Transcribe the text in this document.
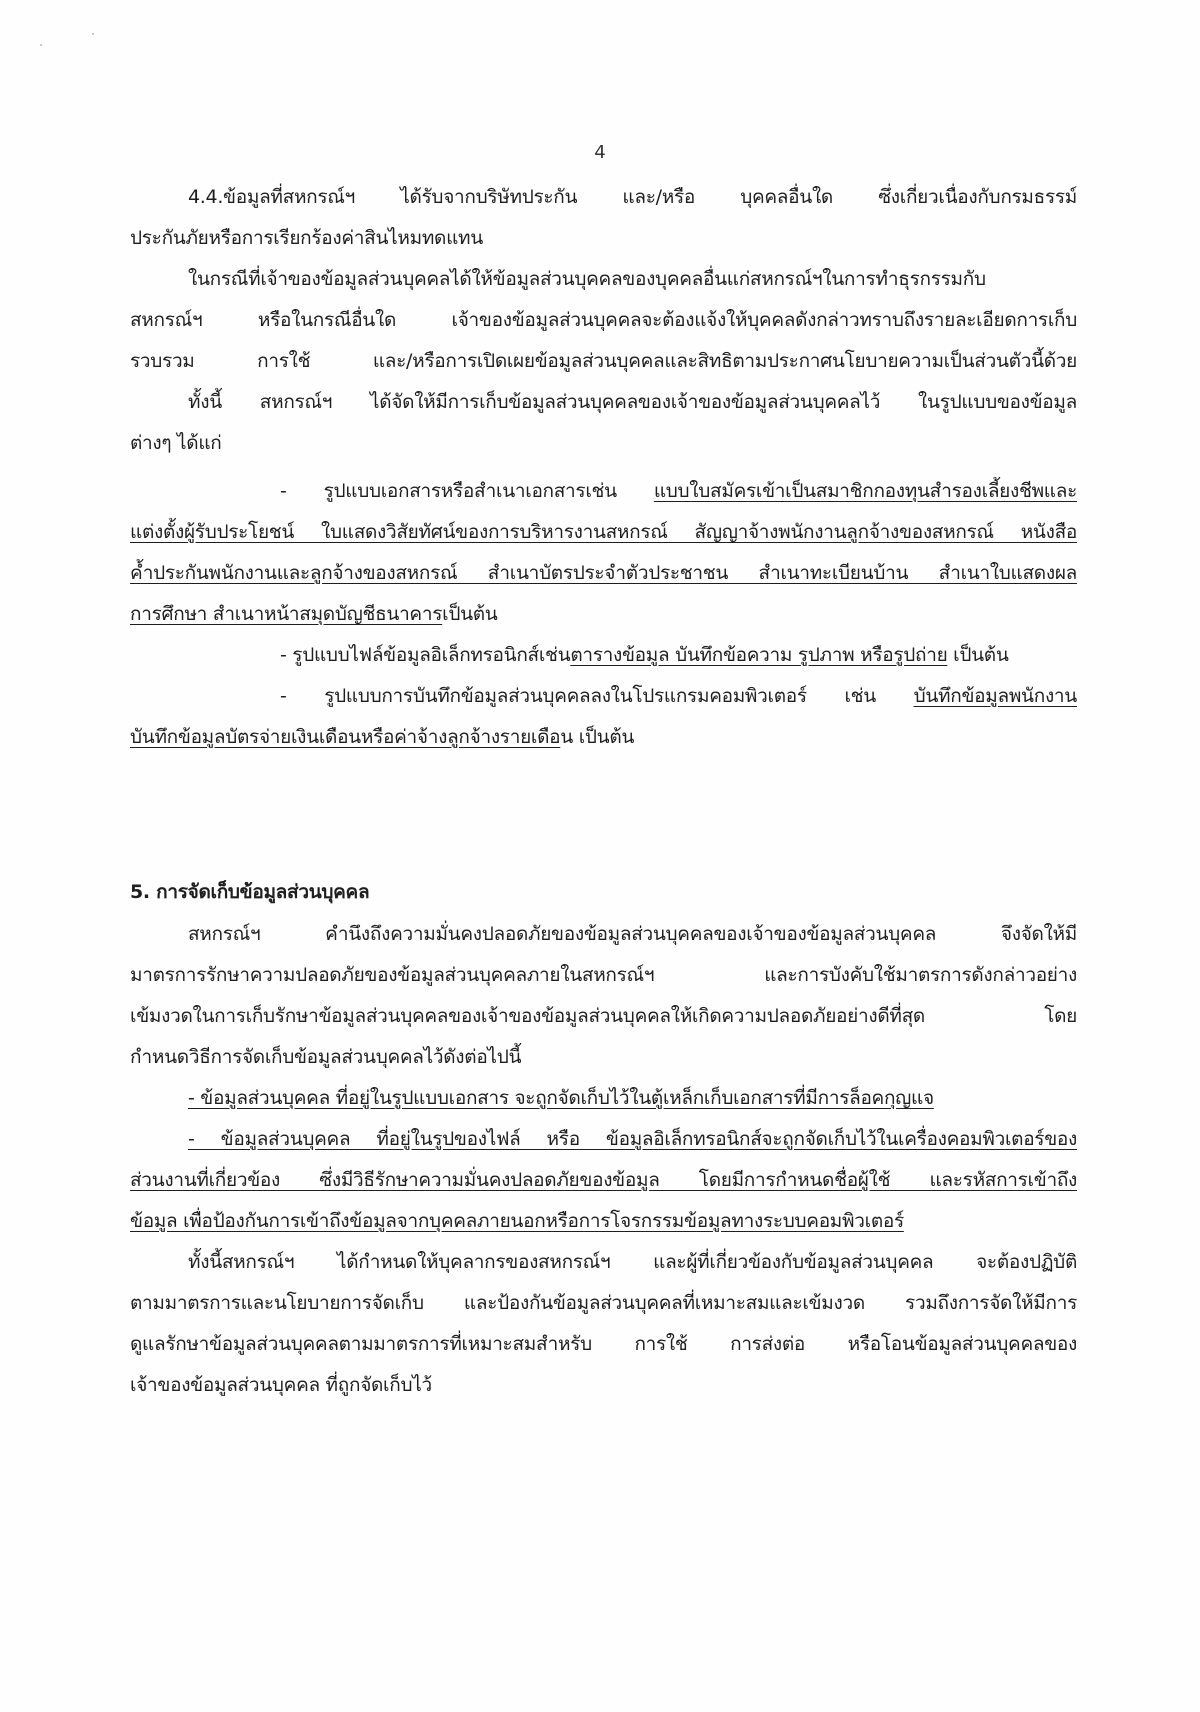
4
4.4.ข้อมูลที่สหกรณ์ฯ ได้รับจากบริษัทประกัน และ/หรือ บุคคลอื่นใด ซึ่งเกี่ยวเนื่องกับกรมธรรม์
ประกันภัยหรือการเรียกร้องค่าสินไหมทดแทน
ในกรณีที่เจ้าของข้อมูลส่วนบุคคลได้ให้ข้อมูลส่วนบุคคลของบุคคลอื่นแก่สหกรณ์ฯในการทำธุรกรรมกับ
สหกรณ์ฯ หรือในกรณีอื่นใด เจ้าของข้อมูลส่วนบุคคลจะต้องแจ้งให้บุคคลดังกล่าวทราบถึงรายละเอียดการเก็บ
รวบรวม การใช้ และ/หรือการเปิดเผยข้อมูลส่วนบุคคลและสิทธิตามประกาศนโยบายความเป็นส่วนตัวนี้ด้วย
ทั้งนี้ สหกรณ์ฯ ได้จัดให้มีการเก็บข้อมูลส่วนบุคคลของเจ้าของข้อมูลส่วนบุคคลไว้ ในรูปแบบของข้อมูล
ต่างๆ ได้แก่
- รูปแบบเอกสารหรือสำเนาเอกสารเช่น แบบใบสมัครเข้าเป็นสมาชิกกองทุนสำรองเลี้ยงชีพและ
แต่งตั้งผู้รับประโยชน์ ใบแสดงวิสัยทัศน์ของการบริหารงานสหกรณ์ สัญญาจ้างพนักงานลูกจ้างของสหกรณ์ หนังสือ
ค้ำประกันพนักงานและลูกจ้างของสหกรณ์ สำเนาบัตรประจำตัวประชาชน สำเนาทะเบียนบ้าน สำเนาใบแสดงผล
การศึกษา สำเนาหน้าสมุดบัญชีธนาคารเป็นต้น
- รูปแบบไฟล์ข้อมูลอิเล็กทรอนิกส์เช่นตารางข้อมูล บันทึกข้อความ รูปภาพ หรือรูปถ่าย เป็นต้น
- รูปแบบการบันทึกข้อมูลส่วนบุคคลลงในโปรแกรมคอมพิวเตอร์ เช่น บันทึกข้อมูลพนักงาน
บันทึกข้อมูลบัตรจ่ายเงินเดือนหรือค่าจ้างลูกจ้างรายเดือน เป็นต้น
5. การจัดเก็บข้อมูลส่วนบุคคล
สหกรณ์ฯ คำนึงถึงความมั่นคงปลอดภัยของข้อมูลส่วนบุคคลของเจ้าของข้อมูลส่วนบุคคล จึงจัดให้มี
มาตรการรักษาความปลอดภัยของข้อมูลส่วนบุคคลภายในสหกรณ์ฯ และการบังคับใช้มาตรการดังกล่าวอย่าง
เข้มงวดในการเก็บรักษาข้อมูลส่วนบุคคลของเจ้าของข้อมูลส่วนบุคคลให้เกิดความปลอดภัยอย่างดีที่สุด โดย
กำหนดวิธีการจัดเก็บข้อมูลส่วนบุคคลไว้ดังต่อไปนี้
- ข้อมูลส่วนบุคคล ที่อยู่ในรูปแบบเอกสาร จะถูกจัดเก็บไว้ในตู้เหล็กเก็บเอกสารที่มีการล็อคกุญแจ
- ข้อมูลส่วนบุคคล ที่อยู่ในรูปของไฟล์ หรือ ข้อมูลอิเล็กทรอนิกส์จะถูกจัดเก็บไว้ในเครื่องคอมพิวเตอร์ของ
ส่วนงานที่เกี่ยวข้อง ซึ่งมีวิธีรักษาความมั่นคงปลอดภัยของข้อมูล โดยมีการกำหนดชื่อผู้ใช้ และรหัสการเข้าถึง
ข้อมูล เพื่อป้องกันการเข้าถึงข้อมูลจากบุคคลภายนอกหรือการโจรกรรมข้อมูลทางระบบคอมพิวเตอร์
ทั้งนี้สหกรณ์ฯ ได้กำหนดให้บุคลากรของสหกรณ์ฯ และผู้ที่เกี่ยวข้องกับข้อมูลส่วนบุคคล จะต้องปฏิบัติ
ตามมาตรการและนโยบายการจัดเก็บ และป้องกันข้อมูลส่วนบุคคลที่เหมาะสมและเข้มงวด รวมถึงการจัดให้มีการ
ดูแลรักษาข้อมูลส่วนบุคคลตามมาตรการที่เหมาะสมสำหรับ การใช้ การส่งต่อ หรือโอนข้อมูลส่วนบุคคลของ
เจ้าของข้อมูลส่วนบุคคล ที่ถูกจัดเก็บไว้
